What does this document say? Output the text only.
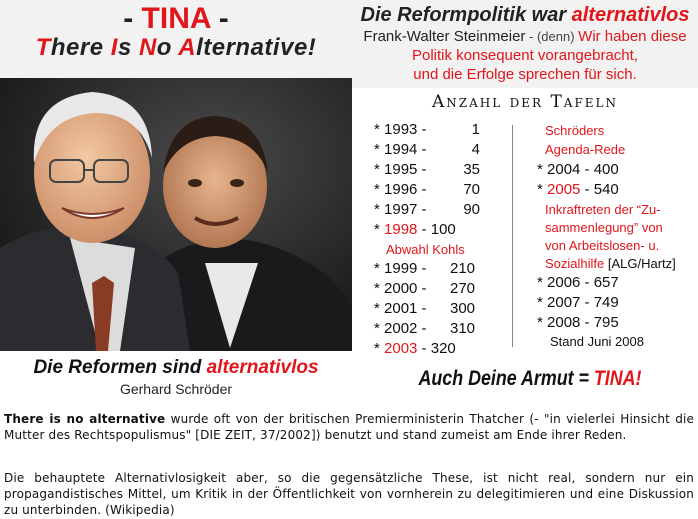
- TINA -
There Is No Alternative!
Die Reformpolitik war alternativlos
Frank-Walter Steinmeier - (denn) Wir haben diese
Politik konsequent vorangebracht,
und die Erfolge sprechen für sich.
Anzahl der Tafeln
* 1993 -	1
* 1994 -	4
* 1995 - 35
* 1996 - 70
* 1997 - 90
* 1998 - 100
Abwahl Kohls
* 1999 - 210
* 2000 - 270
* 2001 - 300
* 2002 - 310
* 2003 - 320
Schröders
Agenda-Rede
* 2004 - 400
* 2005 - 540
Inkraftreten der “Zu-
sammenlegung” von
von Arbeitslosen- u.
Sozialhilfe [ALG/Hartz]
* 2006 - 657
* 2007 - 749
* 2008 - 795
Stand Juni 2008
Die Reformen sind alternativlos
Gerhard Schröder	Auch Deine Armut = TINA!
There is no alternative wurde oft von der britischen Premierministerin Thatcher (- "in vielerlei Hinsicht die Mutter des Rechtspopulismus" [DIE ZEIT, 37/2002]) benutzt und stand zumeist am Ende ihrer Reden.
Die behauptete Alternativlosigkeit aber, so die gegensätzliche These, ist nicht real, sondern nur ein propagandistisches Mittel, um Kritik in der Öffentlichkeit von vornherein zu delegitimieren und eine Diskussion zu unterbinden. (Wikipedia)
